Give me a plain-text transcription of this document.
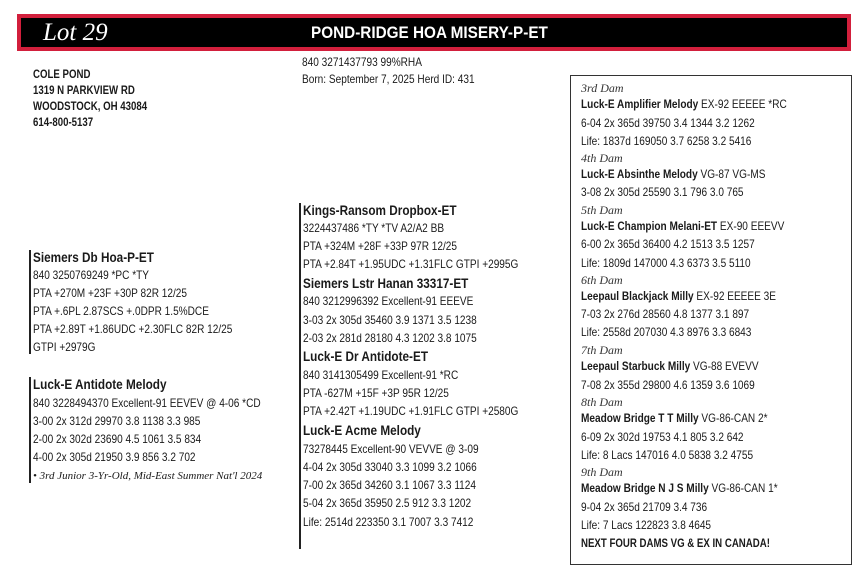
Lot 29	POND-RIDGE HOA MISERY-P-ET
COLE POND
1319 N PARKVIEW RD
WOODSTOCK, OH 43084
614-800-5137
840 3271437793 99%RHA
Born: September 7, 2025 Herd ID: 431
Siemers Db Hoa-P-ET
840 3250769249 *PC *TY
PTA +270M +23F +30P 82R 12/25
PTA +.6PL 2.87SCS +.0DPR 1.5%DCE
PTA +2.89T +1.86UDC +2.30FLC 82R 12/25
GTPI +2979G
Luck-E Antidote Melody
840 3228494370 Excellent-91 EEVEV @ 4-06 *CD
3-00 2x 312d 29970 3.8 1138 3.3 985
2-00 2x 302d 23690 4.5 1061 3.5 834
4-00 2x 305d 21950 3.9 856 3.2 702
• 3rd Junior 3-Yr-Old, Mid-East Summer Nat'l 2024
Kings-Ransom Dropbox-ET
3224437486 *TY *TV A2/A2 BB
PTA +324M +28F +33P 97R 12/25
PTA +2.84T +1.95UDC +1.31FLC GTPI +2995G
Siemers Lstr Hanan 33317-ET
840 3212996392 Excellent-91 EEEVE
3-03 2x 305d 35460 3.9 1371 3.5 1238
2-03 2x 281d 28180 4.3 1202 3.8 1075
Luck-E Dr Antidote-ET
840 3141305499 Excellent-91 *RC
PTA -627M +15F +3P 95R 12/25
PTA +2.42T +1.19UDC +1.91FLC GTPI +2580G
Luck-E Acme Melody
73278445 Excellent-90 VEVVE @ 3-09
4-04 2x 305d 33040 3.3 1099 3.2 1066
7-00 2x 365d 34260 3.1 1067 3.3 1124
5-04 2x 365d 35950 2.5 912 3.3 1202
Life: 2514d 223350 3.1 7007 3.3 7412
3rd Dam
Luck-E Amplifier Melody EX-92 EEEEE *RC
6-04 2x 365d 39750 3.4 1344 3.2 1262
Life: 1837d 169050 3.7 6258 3.2 5416
4th Dam
Luck-E Absinthe Melody VG-87 VG-MS
3-08 2x 305d 25590 3.1 796 3.0 765
5th Dam
Luck-E Champion Melani-ET EX-90 EEEVV
6-00 2x 365d 36400 4.2 1513 3.5 1257
Life: 1809d 147000 4.3 6373 3.5 5110
6th Dam
Leepaul Blackjack Milly EX-92 EEEEE 3E
7-03 2x 276d 28560 4.8 1377 3.1 897
Life: 2558d 207030 4.3 8976 3.3 6843
7th Dam
Leepaul Starbuck Milly VG-88 EVEVV
7-08 2x 355d 29800 4.6 1359 3.6 1069
8th Dam
Meadow Bridge T T Milly VG-86-CAN 2*
6-09 2x 302d 19753 4.1 805 3.2 642
Life: 8 Lacs 147016 4.0 5838 3.2 4755
9th Dam
Meadow Bridge N J S Milly VG-86-CAN 1*
9-04 2x 365d 21709 3.4 736
Life: 7 Lacs 122823 3.8 4645
NEXT FOUR DAMS VG & EX IN CANADA!
